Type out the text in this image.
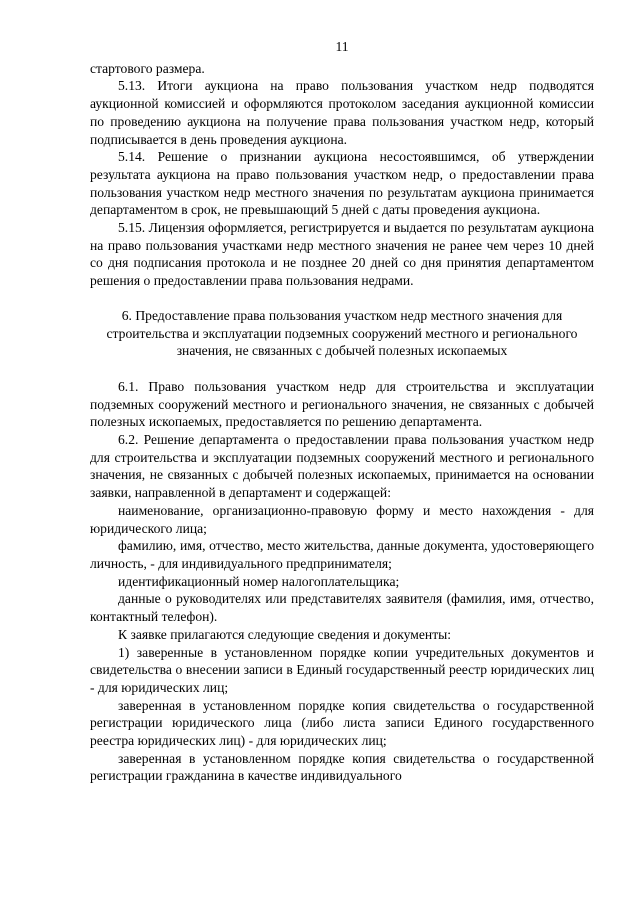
11

стартового размера.

5.13. Итоги аукциона на право пользования участком недр подводятся аукционной комиссией и оформляются протоколом заседания аукционной комиссии по проведению аукциона на получение права пользования участком недр, который подписывается в день проведения аукциона.

5.14. Решение о признании аукциона несостоявшимся, об утверждении результата аукциона на право пользования участком недр, о предоставлении права пользования участком недр местного значения по результатам аукциона принимается департаментом в срок, не превышающий 5 дней с даты проведения аукциона.

5.15. Лицензия оформляется, регистрируется и выдается по результатам аукциона на право пользования участками недр местного значения не ранее чем через 10 дней со дня подписания протокола и не позднее 20 дней со дня принятия департаментом решения о предоставлении права пользования недрами.

6. Предоставление права пользования участком недр местного значения для строительства и эксплуатации подземных сооружений местного и регионального значения, не связанных с добычей полезных ископаемых

6.1. Право пользования участком недр для строительства и эксплуатации подземных сооружений местного и регионального значения, не связанных с добычей полезных ископаемых, предоставляется по решению департамента.

6.2. Решение департамента о предоставлении права пользования участком недр для строительства и эксплуатации подземных сооружений местного и регионального значения, не связанных с добычей полезных ископаемых, принимается на основании заявки, направленной в департамент и содержащей:

наименование, организационно-правовую форму и место нахождения - для юридического лица;

фамилию, имя, отчество, место жительства, данные документа, удостоверяющего личность, - для индивидуального предпринимателя;

идентификационный номер налогоплательщика;

данные о руководителях или представителях заявителя (фамилия, имя, отчество, контактный телефон).

К заявке прилагаются следующие сведения и документы:

1) заверенные в установленном порядке копии учредительных документов и свидетельства о внесении записи в Единый государственный реестр юридических лиц - для юридических лиц;

заверенная в установленном порядке копия свидетельства о государственной регистрации юридического лица (либо листа записи Единого государственного реестра юридических лиц) - для юридических лиц;

заверенная в установленном порядке копия свидетельства о государственной регистрации гражданина в качестве индивидуального
